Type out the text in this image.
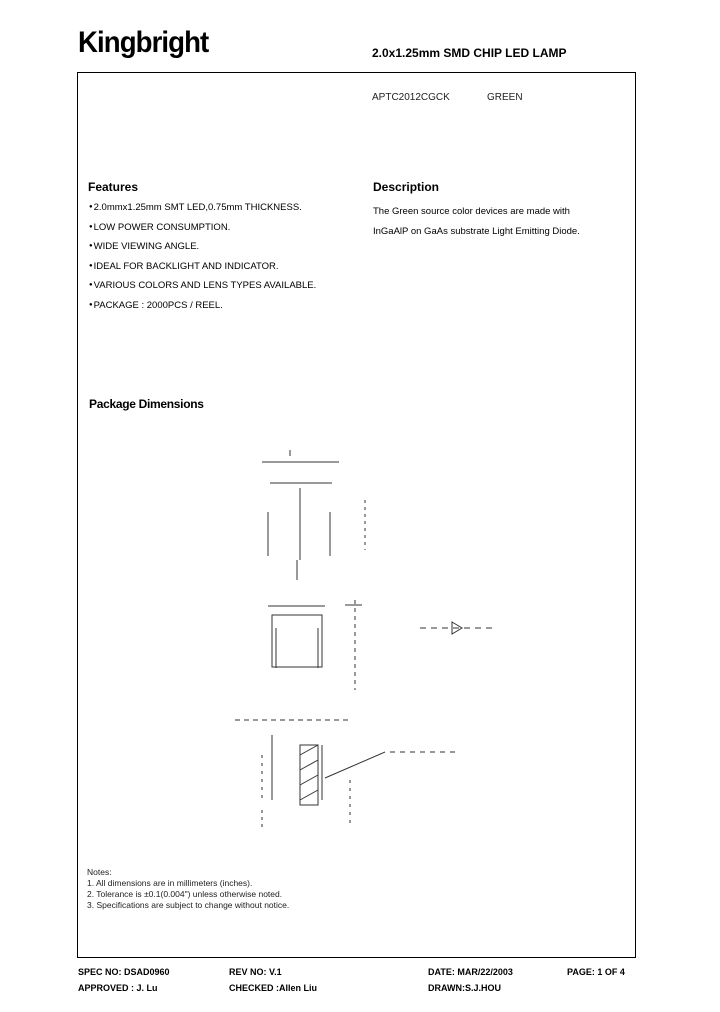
Kingbright	2.0x1.25mm SMD CHIP LED LAMP
APTC2012CGCK	GREEN
Features
● 2.0mmx1.25mm SMT LED,0.75mm THICKNESS.
● LOW POWER CONSUMPTION.
● WIDE VIEWING ANGLE.
● IDEAL FOR BACKLIGHT AND INDICATOR.
● VARIOUS COLORS AND LENS TYPES AVAILABLE.
● PACKAGE : 2000PCS / REEL.
Description
The Green source color devices are made with
InGaAlP on GaAs substrate Light Emitting Diode.
Package Dimensions
Notes:
1. All dimensions are in millimeters (inches).
2. Tolerance is ±0.1(0.004") unless otherwise noted.
3. Specifications are subject to change without notice.
SPEC NO: DSAD0960	REV NO: V.1	DATE: MAR/22/2003	PAGE: 1 OF 4
APPROVED : J. Lu	CHECKED :Allen Liu	DRAWN:S.J.HOU
